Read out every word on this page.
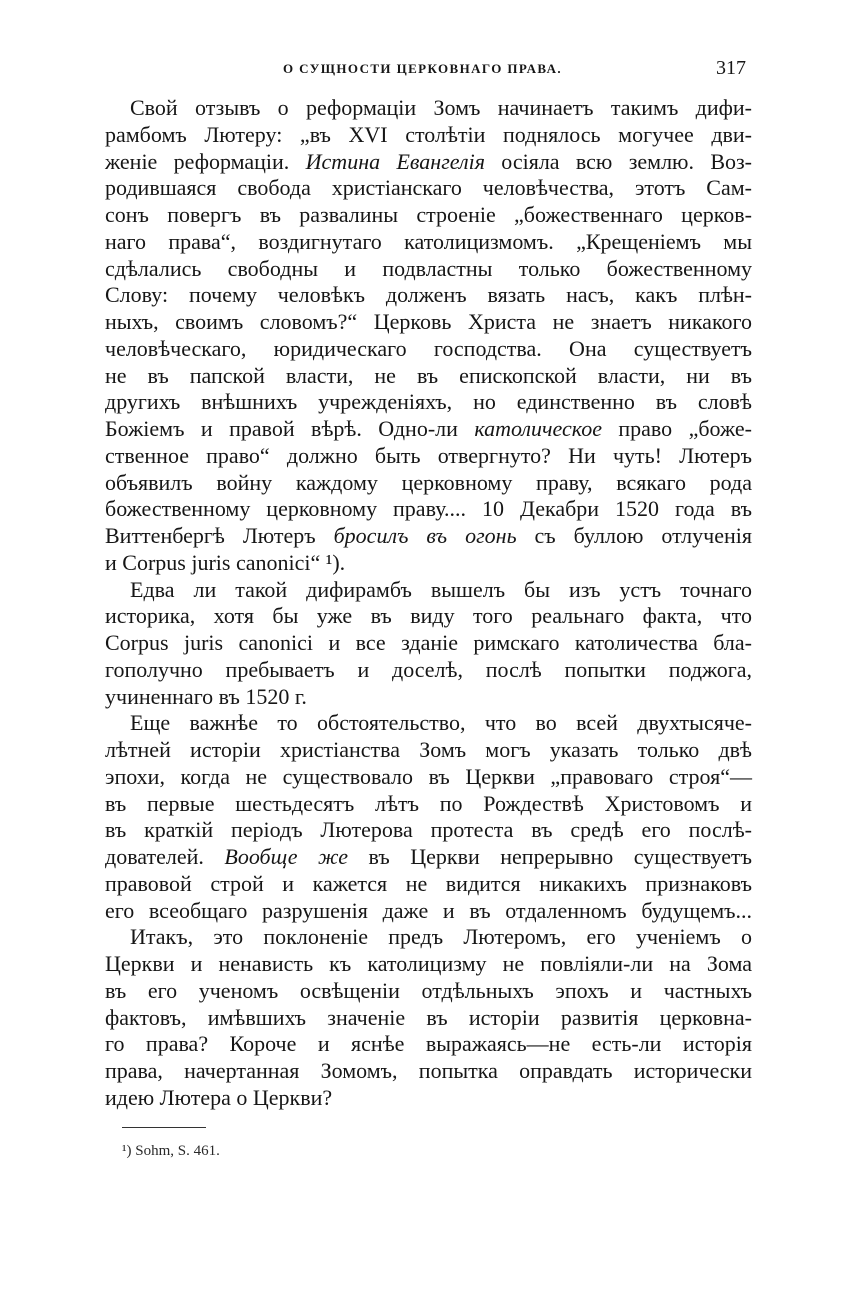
О СУЩНОСТИ ЦЕРКОВНАГО ПРАВА.	317
Свой отзывъ о реформаціи Зомъ начинаетъ такимъ дифи-
рамбомъ Лютеру: „въ XVI столѣтіи поднялось могучее дви-
женіе реформаціи. Истина Евангелія осіяла всю землю. Воз-
родившаяся свобода христіанскаго человѣчества, этотъ Сам-
сонъ повергъ въ развалины строеніе „божественнаго церков-
наго права“, воздигнутаго католицизмомъ. „Крещеніемъ мы
сдѣлались свободны и подвластны только божественному
Слову: почему человѣкъ долженъ вязать насъ, какъ плѣн-
ныхъ, своимъ словомъ?“ Церковь Христа не знаетъ никакого
человѣческаго, юридическаго господства. Она существуетъ
не въ папской власти, не въ епископской власти, ни въ
другихъ внѣшнихъ учрежденіяхъ, но единственно въ словѣ
Божіемъ и правой вѣрѣ. Одно-ли католическое право „боже-
ственное право“ должно быть отвергнуто? Ни чуть! Лютеръ
объявилъ войну каждому церковному праву, всякаго рода
божественному церковному праву.... 10 Декабри 1520 года въ
Виттенбергѣ Лютеръ бросилъ въ огонь съ буллою отлученія
и Corpus juris canonici“ ¹).
Едва ли такой дифирамбъ вышелъ бы изъ устъ точнаго
историка, хотя бы уже въ виду того реальнаго факта, что
Corpus juris canonici и все зданіе римскаго католичества бла-
гополучно пребываетъ и доселѣ, послѣ попытки поджога,
учиненнаго въ 1520 г.
Еще важнѣе то обстоятельство, что во всей двухтысяче-
лѣтней исторіи христіанства Зомъ могъ указать только двѣ
эпохи, когда не существовало въ Церкви „правоваго строя“—
въ первые шестьдесятъ лѣтъ по Рождествѣ Христовомъ и
въ краткій періодъ Лютерова протеста въ средѣ его послѣ-
дователей. Вообще же въ Церкви непрерывно существуетъ
правовой строй и кажется не видится никакихъ признаковъ
его всеобщаго разрушенія даже и въ отдаленномъ будущемъ...
Итакъ, это поклоненіе предъ Лютеромъ, его ученіемъ о
Церкви и ненависть къ католицизму не повліяли-ли на Зома
въ его ученомъ освѣщеніи отдѣльныхъ эпохъ и частныхъ
фактовъ, имѣвшихъ значеніе въ исторіи развитія церковна-
го права? Короче и яснѣе выражаясь—не есть-ли исторія
права, начертанная Зомомъ, попытка оправдать исторически
идею Лютера о Церкви?
¹) Sohm, S. 461.
